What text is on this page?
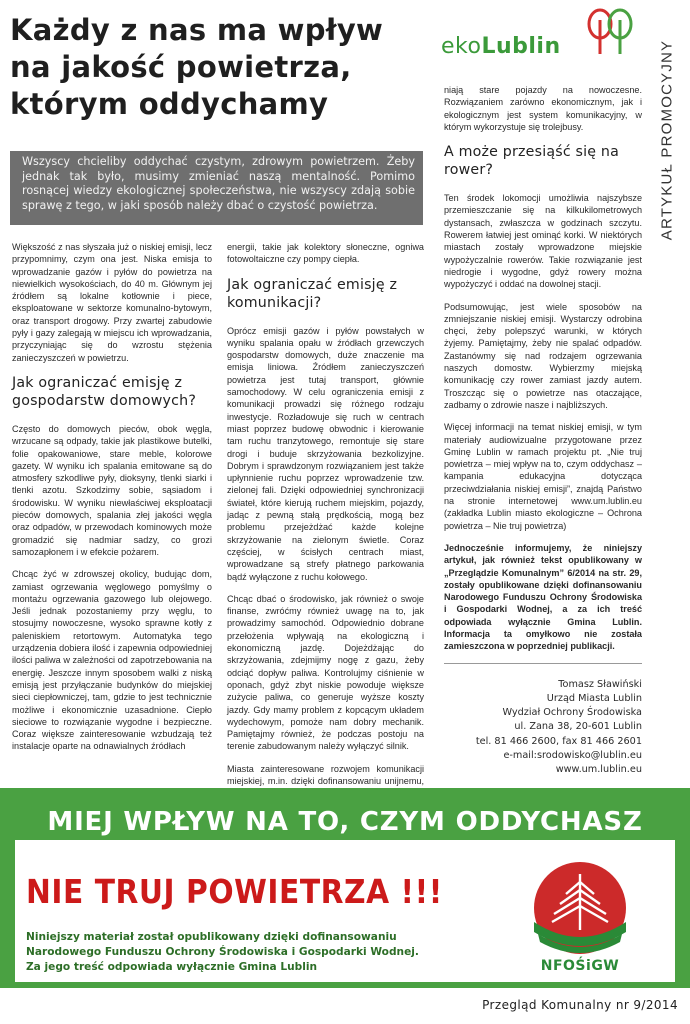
Każdy z nas ma wpływ
na jakość powietrza,
którym oddychamy
ekoLublin	ARTYKUŁ PROMOCYJNY
Wszyscy chcieliby oddychać czystym, zdrowym powietrzem. Żeby jednak tak było, musimy zmieniać naszą mentalność. Pomimo rosnącej wiedzy ekologicznej społeczeństwa, nie wszyscy zdają sobie sprawę z tego, w jaki sposób należy dbać o czystość powietrza.

Większość z nas słyszała już o niskiej emisji, lecz przypomnimy, czym ona jest. Niska emisja to wprowadzanie gazów i pyłów do powietrza na niewielkich wysokościach, do 40 m. Głównym jej źródłem są lokalne kotłownie i piece, eksploatowane w sektorze komunalno-bytowym, oraz transport drogowy. Przy zwartej zabudowie pyły i gazy zalegają w miejscu ich wprowadzania, przyczyniając się do wzrostu stężenia zanieczyszczeń w powietrzu.

Jak ograniczać emisję z gospodarstw domowych?

Często do domowych pieców, obok węgla, wrzucane są odpady, takie jak plastikowe butelki, folie opakowaniowe, stare meble, kolorowe gazety. W wyniku ich spalania emitowane są do atmosfery szkodliwe pyły, dioksyny, tlenki siarki i tlenki azotu. Szkodzimy sobie, sąsiadom i środowisku. W wyniku niewłaściwej eksploatacji pieców domowych, spalania złej jakości węgla oraz odpadów, w przewodach kominowych może gromadzić się nadmiar sadzy, co grozi samozapłonem i w efekcie pożarem.

Chcąc żyć w zdrowszej okolicy, budując dom, zamiast ogrzewania węglowego pomyślmy o montażu ogrzewania gazowego lub olejowego. Jeśli jednak pozostaniemy przy węglu, to stosujmy nowoczesne, wysoko sprawne kotły z paleniskiem retortowym. Automatyka tego urządzenia dobiera ilość i zapewnia odpowiedniej ilości paliwa w zależności od zapotrzebowania na energię. Jeszcze innym sposobem walki z niską emisją jest przyłączanie budynków do miejskiej sieci ciepłowniczej, tam, gdzie to jest technicznie możliwe i ekonomicznie uzasadnione. Ciepło sieciowe to rozwiązanie wygodne i bezpieczne. Coraz większe zainteresowanie wzbudzają też instalacje oparte na odnawialnych źródłach

energii, takie jak kolektory słoneczne, ogniwa fotowoltaiczne czy pompy ciepła.

Jak ograniczać emisję z komunikacji?

Oprócz emisji gazów i pyłów powstałych w wyniku spalania opału w źródłach grzewczych gospodarstw domowych, duże znaczenie ma emisja liniowa. Źródłem zanieczyszczeń powietrza jest tutaj transport, głównie samochodowy. W celu ograniczenia emisji z komunikacji prowadzi się różnego rodzaju inwestycje. Rozładowuje się ruch w centrach miast poprzez budowę obwodnic i kierowanie tam ruchu tranzytowego, remontuje się stare drogi i buduje skrzyżowania bezkolizyjne. Dobrym i sprawdzonym rozwiązaniem jest także upłynnienie ruchu poprzez wprowadzenie tzw. zielonej fali. Dzięki odpowiedniej synchronizacji świateł, które kierują ruchem miejskim, pojazdy, jadąc z pewną stałą prędkością, mogą bez problemu przejeżdżać każde kolejne skrzyżowanie na zielonym świetle. Coraz częściej, w ścisłych centrach miast, wprowadzane są strefy płatnego parkowania bądź wyłączone z ruchu kołowego.

Chcąc dbać o środowisko, jak również o swoje finanse, zwróćmy również uwagę na to, jak prowadzimy samochód. Odpowiednio dobrane przełożenia wpływają na ekologiczną i ekonomiczną jazdę. Dojeżdżając do skrzyżowania, zdejmijmy nogę z gazu, żeby odciąć dopływ paliwa. Kontrolujmy ciśnienie w oponach, gdyż zbyt niskie powoduje większe zużycie paliwa, co generuje wyższe koszty jazdy. Gdy mamy problem z kopcącym układem wydechowym, pomoże nam dobry mechanik. Pamiętajmy również, że podczas postoju na terenie zabudowanym należy wyłączyć silnik.

Miasta zainteresowane rozwojem komunikacji miejskiej, m.in. dzięki dofinansowaniu unijnemu,

niają stare pojazdy na nowoczesne. Rozwiązaniem zarówno ekonomicznym, jak i ekologicznym jest system komunikacyjny, w którym wykorzystuje się trolejbusy.

A może przesiąść się na rower?

Ten środek lokomocji umożliwia najszybsze przemieszczanie się na kilkukilometrowych dystansach, zwłaszcza w godzinach szczytu. Rowerem łatwiej jest ominąć korki. W niektórych miastach zostały wprowadzone miejskie wypożyczalnie rowerów. Takie rozwiązanie jest niedrogie i wygodne, gdyż rowery można wypożyczyć i oddać na dowolnej stacji.

Podsumowując, jest wiele sposobów na zmniejszanie niskiej emisji. Wystarczy odrobina chęci, żeby polepszyć warunki, w których żyjemy. Pamiętajmy, żeby nie spalać odpadów. Zastanówmy się nad rodzajem ogrzewania naszych domostw. Wybierzmy miejską komunikację czy rower zamiast jazdy autem. Troszcząc się o powietrze nas otaczające, zadbamy o zdrowie nasze i najbliższych.

Więcej informacji na temat niskiej emisji, w tym materiały audiowizualne przygotowane przez Gminę Lublin w ramach projektu pt. „Nie truj powietrza – miej wpływ na to, czym oddychasz – kampania edukacyjna dotycząca przeciwdziałania niskiej emisji”, znajdą Państwo na stronie internetowej www.um.lublin.eu (zakładka Lublin miasto ekologiczne – Ochrona powietrza – Nie truj powietrza)

Jednocześnie informujemy, że niniejszy artykuł, jak również tekst opublikowany w „Przeglądzie Komunalnym” 6/2014 na str. 29, zostały opublikowane dzięki dofinansowaniu Narodowego Funduszu Ochrony Środowiska i Gospodarki Wodnej, a za ich treść odpowiada wyłącznie Gmina Lublin. Informacja ta omyłkowo nie została zamieszczona w poprzedniej publikacji.

Tomasz Sławiński
Urząd Miasta Lublin
Wydział Ochrony Środowiska
ul. Zana 38, 20-601 Lublin
tel. 81 466 2600, fax 81 466 2601
e-mail:srodowisko@lublin.eu
www.um.lublin.eu
MIEJ WPŁYW NA TO, CZYM ODDYCHASZ
NIE TRUJ POWIETRZA !!!
Niniejszy materiał został opublikowany dzięki dofinansowaniu
Narodowego Funduszu Ochrony Środowiska i Gospodarki Wodnej.
Za jego treść odpowiada wyłącznie Gmina Lublin	NFOŚiGW
Przegląd Komunalny nr 9/2014
